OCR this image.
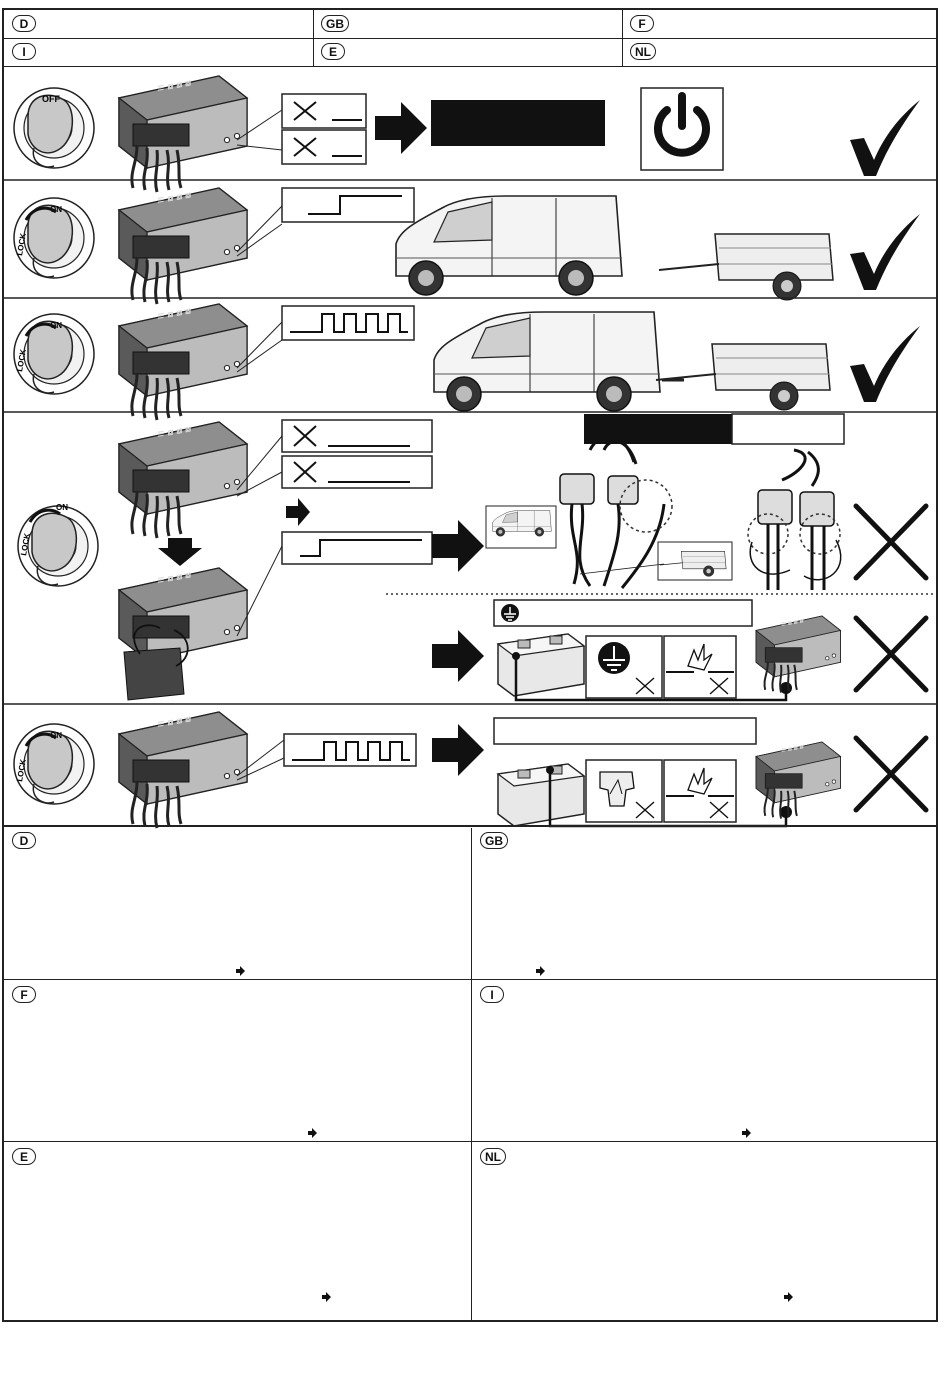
D	GB	F
I	E	NL
≡ ⧈ ⧈ ⧈
OFF
ON
LOCK
ON
LOCK
ON
LOCK
ON
LOCK
D	GB
F	I
E	NL
